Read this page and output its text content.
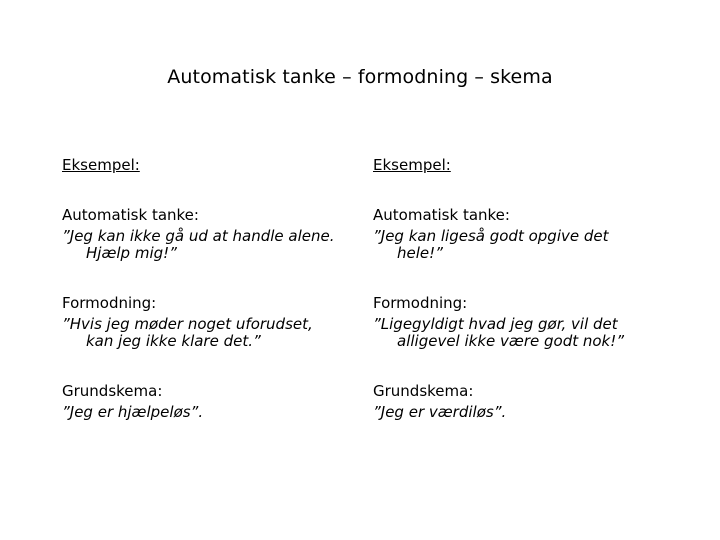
Automatisk tanke – formodning – skema
Eksempel:
Automatisk tanke:
”Jeg kan ikke gå ud at handle alene.
Hjælp mig!”
Formodning:
”Hvis jeg møder noget uforudset,
kan jeg ikke klare det.”
Grundskema:
”Jeg er hjælpeløs”.
Eksempel:
Automatisk tanke:
”Jeg kan ligeså godt opgive det
hele!”
Formodning:
”Ligegyldigt hvad jeg gør, vil det
alligevel ikke være godt nok!”
Grundskema:
”Jeg er værdiløs”.
